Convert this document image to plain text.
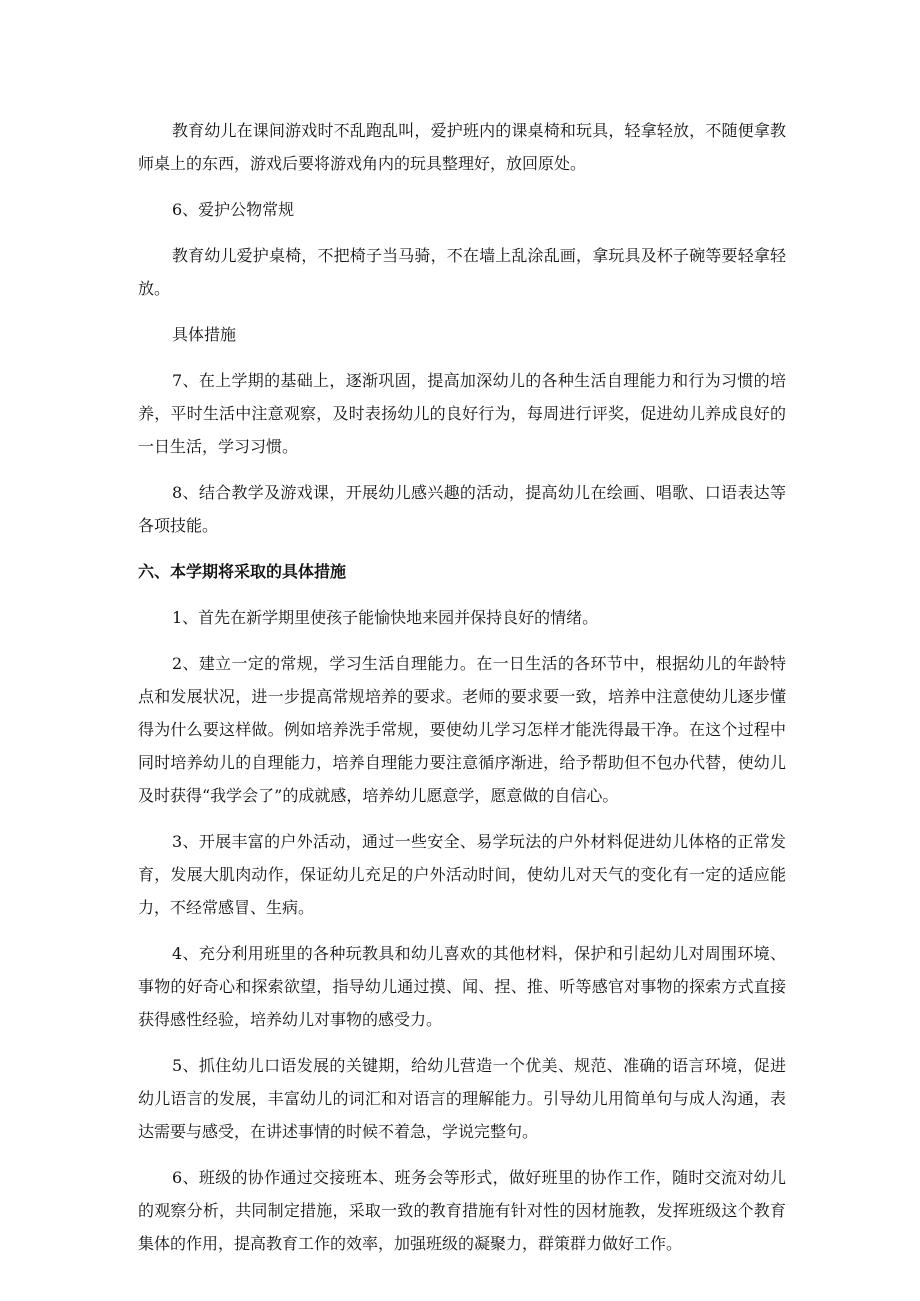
教育幼儿在课间游戏时不乱跑乱叫，爱护班内的课桌椅和玩具，轻拿轻放，不随便拿教师桌上的东西，游戏后要将游戏角内的玩具整理好，放回原处。

6、爱护公物常规

教育幼儿爱护桌椅，不把椅子当马骑，不在墙上乱涂乱画，拿玩具及杯子碗等要轻拿轻放。

具体措施

7、在上学期的基础上，逐渐巩固，提高加深幼儿的各种生活自理能力和行为习惯的培养，平时生活中注意观察，及时表扬幼儿的良好行为，每周进行评奖，促进幼儿养成良好的一日生活，学习习惯。

8、结合教学及游戏课，开展幼儿感兴趣的活动，提高幼儿在绘画、唱歌、口语表达等各项技能。

六、本学期将采取的具体措施

1、首先在新学期里使孩子能愉快地来园并保持良好的情绪。

2、建立一定的常规，学习生活自理能力。在一日生活的各环节中，根据幼儿的年龄特点和发展状况，进一步提高常规培养的要求。老师的要求要一致，培养中注意使幼儿逐步懂得为什么要这样做。例如培养洗手常规，要使幼儿学习怎样才能洗得最干净。在这个过程中同时培养幼儿的自理能力，培养自理能力要注意循序渐进，给予帮助但不包办代替，使幼儿及时获得“我学会了”的成就感，培养幼儿愿意学，愿意做的自信心。

3、开展丰富的户外活动，通过一些安全、易学玩法的户外材料促进幼儿体格的正常发育，发展大肌肉动作，保证幼儿充足的户外活动时间，使幼儿对天气的变化有一定的适应能力，不经常感冒、生病。

4、充分利用班里的各种玩教具和幼儿喜欢的其他材料，保护和引起幼儿对周围环境、事物的好奇心和探索欲望，指导幼儿通过摸、闻、捏、推、听等感官对事物的探索方式直接获得感性经验，培养幼儿对事物的感受力。

5、抓住幼儿口语发展的关键期，给幼儿营造一个优美、规范、准确的语言环境，促进幼儿语言的发展，丰富幼儿的词汇和对语言的理解能力。引导幼儿用简单句与成人沟通，表达需要与感受，在讲述事情的时候不着急，学说完整句。

6、班级的协作通过交接班本、班务会等形式，做好班里的协作工作，随时交流对幼儿的观察分析，共同制定措施，采取一致的教育措施有针对性的因材施教，发挥班级这个教育集体的作用，提高教育工作的效率，加强班级的凝聚力，群策群力做好工作。
